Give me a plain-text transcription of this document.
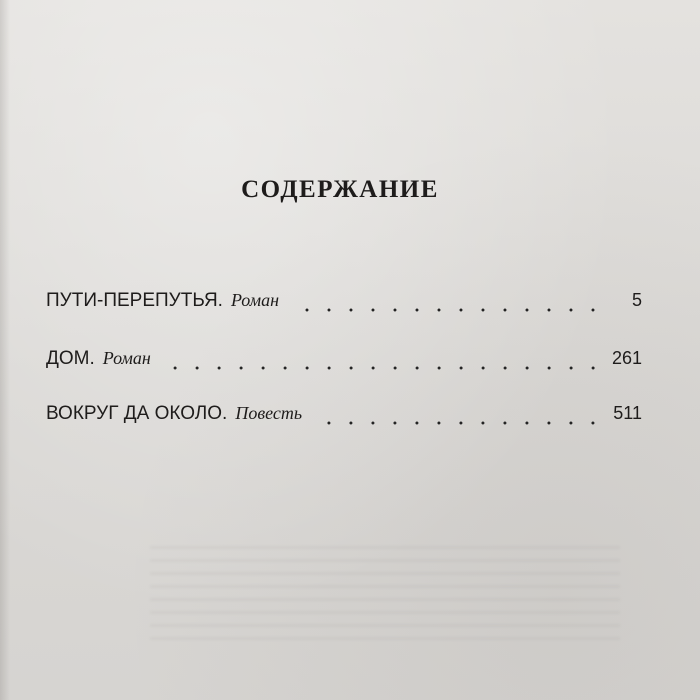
СОДЕРЖАНИЕ
ПУТИ-ПЕРЕПУТЬЯ. Роман	5
ДОМ. Роман	261
ВОКРУГ ДА ОКОЛО. Повесть	511
